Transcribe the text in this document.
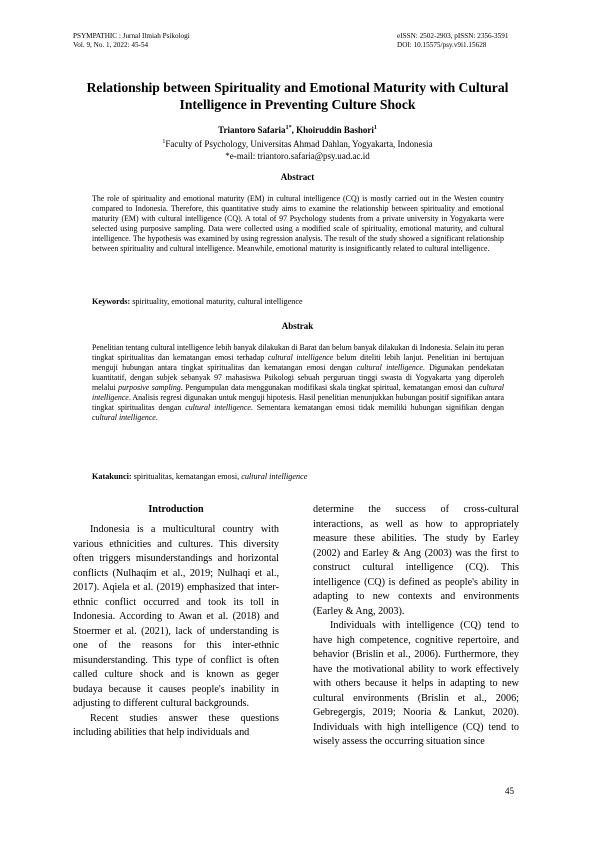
PSYMPATHIC : Jurnal Ilmiah Psikologi
Vol. 9, No. 1, 2022: 45-54
eISSN: 2502-2903, pISSN: 2356-3591
DOI: 10.15575/psy.v9i1.15628
Relationship between Spirituality and Emotional Maturity with Cultural Intelligence in Preventing Culture Shock
Triantoro Safaria$^{1*}$, Khoiruddin Bashori$^1$
$^1$Faculty of Psychology, Universitas Ahmad Dahlan, Yogyakarta, Indonesia
*e-mail: triantoro.safaria@psy.uad.ac.id
Abstract

The role of spirituality and emotional maturity (EM) in cultural intelligence (CQ) is mostly carried out in the Westen country compared to Indonesia. Therefore, this quantitative study aims to examine the relationship between spirituality and emotional maturity (EM) with cultural intelligence (CQ). A total of 97 Psychology students from a private university in Yogyakarta were selected using purposive sampling. Data were collected using a modified scale of spirituality, emotional maturity, and cultural intelligence. The hypothesis was examined by using regression analysis. The result of the study showed a significant relationship between spirituality and cultural intelligence. Meanwhile, emotional maturity is insignificantly related to cultural intelligence.

Keywords: spirituality, emotional maturity, cultural intelligence
Abstrak

Penelitian tentang cultural intelligence lebih banyak dilakukan di Barat dan belum banyak dilakukan di Indonesia. Selain itu peran tingkat spiritualitas dan kematangan emosi terhadap cultural intelligence belum diteliti lebih lanjut. Penelitian ini bertujuan menguji hubungan antara tingkat spiritualitas dan kematangan emosi dengan cultural intelligence. Digunakan pendekatan kuantitatif, dengan subjek sebanyak 97 mahasiswa Psikologi sebuah perguruan tinggi swasta di Yogyakarta yang diperoleh melalui purposive sampling. Pengumpulan data menggunakan modifikasi skala tingkat spiritual, kematangan emosi dan cultural intelligence. Analisis regresi digunakan untuk menguji hipotesis. Hasil penelitian menunjukkan hubungan positif signifikan antara tingkat spiritualitas dengan cultural intelligence. Sementara kematangan emosi tidak memiliki hubungan signifikan dengan cultural intelligence.

Katakunci: spiritualitas, kematangan emosi, cultural intelligence
Introduction

Indonesia is a multicultural country with various ethnicities and cultures. This diversity often triggers misunderstandings and horizontal conflicts (Nulhaqim et al., 2019; Nulhaqi et al., 2017). Aqiela et al. (2019) emphasized that inter-ethnic conflict occurred and took its toll in Indonesia. According to Awan et al. (2018) and Stoermer et al. (2021), lack of understanding is one of the reasons for this inter-ethnic misunderstanding. This type of conflict is often called culture shock and is known as geger budaya because it causes people's inability in adjusting to different cultural backgrounds.

Recent studies answer these questions including abilities that help individuals and

determine the success of cross-cultural interactions, as well as how to appropriately measure these abilities. The study by Earley (2002) and Earley & Ang (2003) was the first to construct cultural intelligence (CQ). This intelligence (CQ) is defined as people's ability in adapting to new contexts and environments (Earley & Ang, 2003).

Individuals with intelligence (CQ) tend to have high competence, cognitive repertoire, and behavior (Brislin et al., 2006). Furthermore, they have the motivational ability to work effectively with others because it helps in adapting to new cultural environments (Brislin et al., 2006; Gebregergis, 2019; Nooria & Lankut, 2020). Individuals with high intelligence (CQ) tend to wisely assess the occurring situation since

45
